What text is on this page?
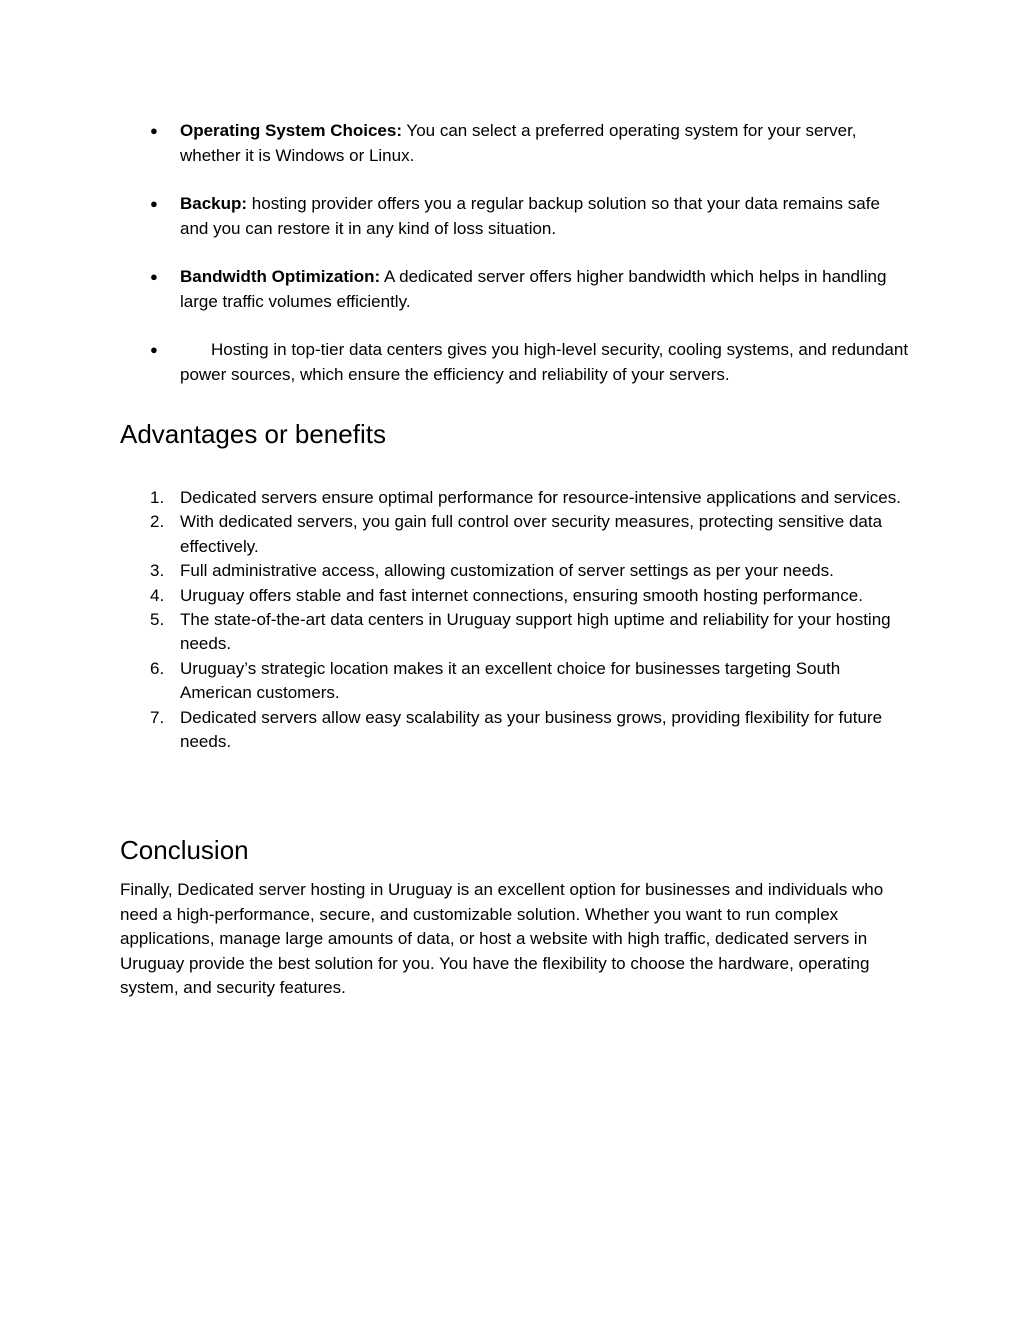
● Operating System Choices: You can select a preferred operating system for your server, whether it is Windows or Linux.
● Backup: hosting provider offers you a regular backup solution so that your data remains safe and you can restore it in any kind of loss situation.
● Bandwidth Optimization: A dedicated server offers higher bandwidth which helps in handling large traffic volumes efficiently.
●	Hosting in top-tier data centers gives you high-level security, cooling systems, and redundant power sources, which ensure the efficiency and reliability of your servers.
Advantages or benefits
1. Dedicated servers ensure optimal performance for resource-intensive applications and services.
2. With dedicated servers, you gain full control over security measures, protecting sensitive data effectively.
3. Full administrative access, allowing customization of server settings as per your needs.
4. Uruguay offers stable and fast internet connections, ensuring smooth hosting performance.
5. The state-of-the-art data centers in Uruguay support high uptime and reliability for your hosting needs.
6. Uruguay’s strategic location makes it an excellent choice for businesses targeting South American customers.
7. Dedicated servers allow easy scalability as your business grows, providing flexibility for future needs.
Conclusion

Finally, Dedicated server hosting in Uruguay is an excellent option for businesses and individuals who need a high-performance, secure, and customizable solution. Whether you want to run complex applications, manage large amounts of data, or host a website with high traffic, dedicated servers in Uruguay provide the best solution for you. You have the flexibility to choose the hardware, operating system, and security features.
